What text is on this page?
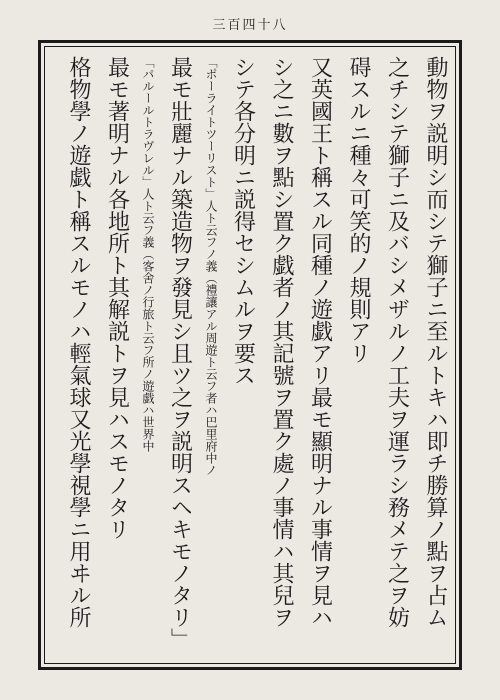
三百四十八
動物ヲ説明シ而シテ獅子ニ至ルトキハ即チ勝算ノ點ヲ占ム
之チシテ獅子ニ及バシメザルノ工夫ヲ運ラシ務メテ之ヲ妨
碍スルニ種々可笑的ノ規則アリ
又英國王ト稱スル同種ノ遊戯アリ最モ顯明ナル事情ヲ見ハ
シ之ニ數ヲ點シ置ク戯者ノ其記號ヲ置ク處ノ事情ハ其兒ヲ
シテ各分明ニ説得セシムルヲ要ス
「ポーライトツーリスト」人ト云フノ義（禮讓アル周遊ト云フ者ハ巴里府中ノ
最モ壯麗ナル築造物ヲ發見シ且ツ之ヲ説明スヘキモノタリ」
「パルールトラヴレル」人ト云フ義（客舍ノ行旅ト云フ所ノ遊戯ハ世界中
最モ著明ナル各地所ト其解説トヲ見ハスモノタリ
格物學ノ遊戯ト稱スルモノハ輕氣球又光學視學ニ用ヰル所
